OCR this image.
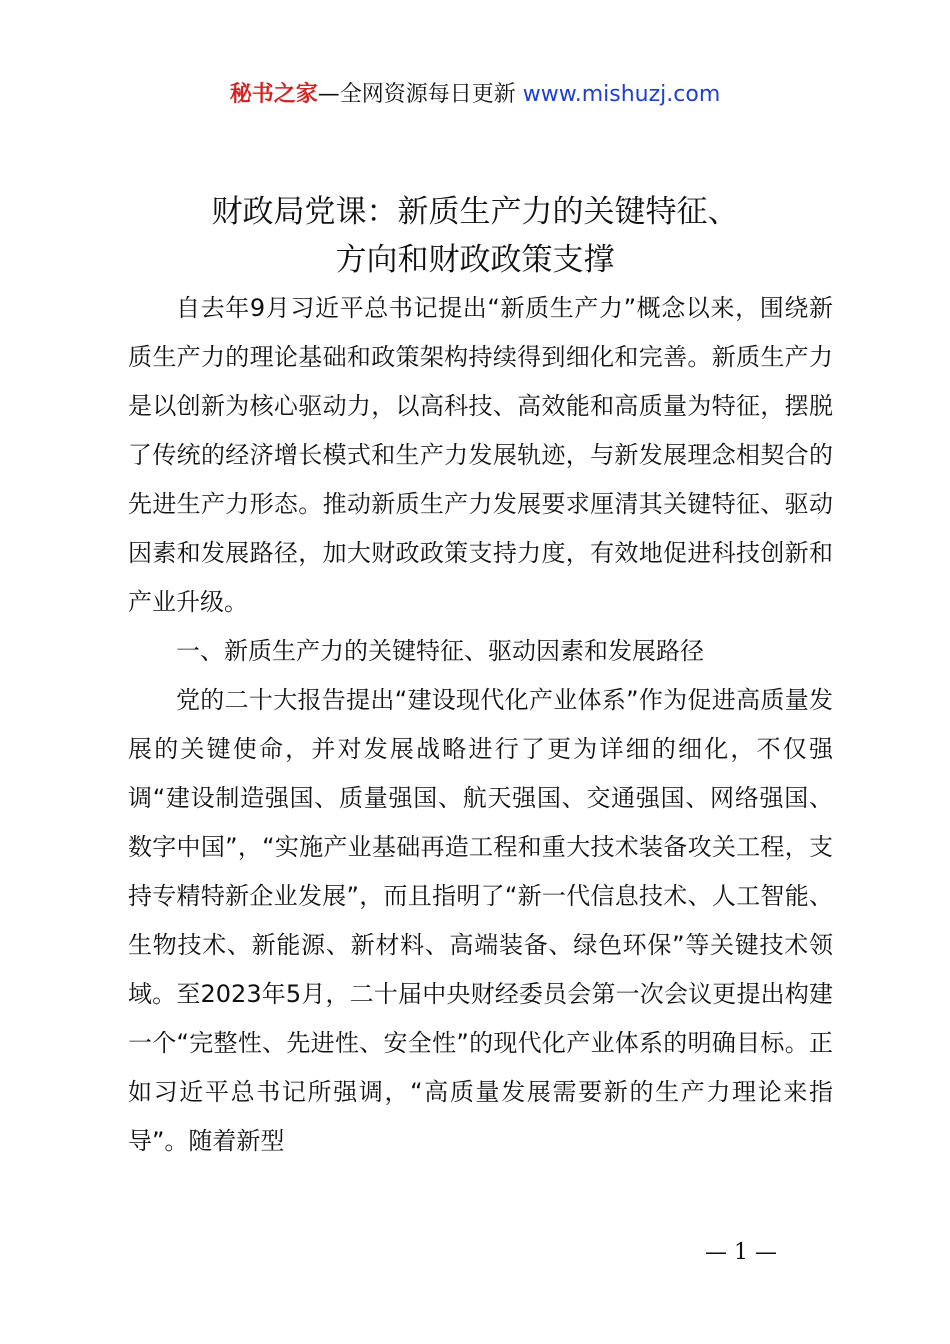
秘书之家—全网资源每日更新 www.mishuzj.com
财政局党课：新质生产力的关键特征、
方向和财政政策支撑

自去年9月习近平总书记提出“新质生产力”概念以来，围绕新质生产力的理论基础和政策架构持续得到细化和完善。新质生产力是以创新为核心驱动力，以高科技、高效能和高质量为特征，摆脱了传统的经济增长模式和生产力发展轨迹，与新发展理念相契合的先进生产力形态。推动新质生产力发展要求厘清其关键特征、驱动因素和发展路径，加大财政政策支持力度，有效地促进科技创新和产业升级。

一、新质生产力的关键特征、驱动因素和发展路径

党的二十大报告提出“建设现代化产业体系”作为促进高质量发展的关键使命，并对发展战略进行了更为详细的细化，不仅强调“建设制造强国、质量强国、航天强国、交通强国、网络强国、数字中国”，“实施产业基础再造工程和重大技术装备攻关工程，支持专精特新企业发展”，而且指明了“新一代信息技术、人工智能、生物技术、新能源、新材料、高端装备、绿色环保”等关键技术领域。至2023年5月，二十届中央财经委员会第一次会议更提出构建一个“完整性、先进性、安全性”的现代化产业体系的明确目标。正如习近平总书记所强调，“高质量发展需要新的生产力理论来指导”。随着新型

— 1 —
